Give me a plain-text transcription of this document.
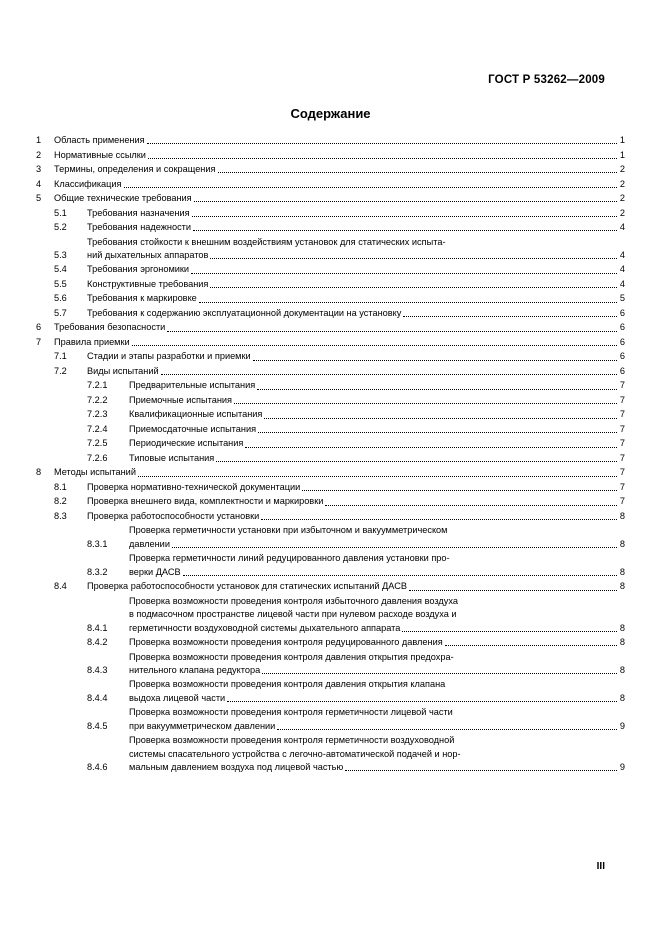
ГОСТ Р 53262—2009
Содержание
1	Область применения	1
2	Нормативные ссылки	1
3	Термины, определения и сокращения	2
4	Классификация	2
5	Общие технические требования	2
5.1	Требования назначения	2
5.2	Требования надежности	4
5.3
Требования стойкости к внешним воздействиям установок для статических испыта-
ний дыхательных аппаратов	4
5.4	Требования эргономики	4
5.5	Конструктивные требования	4
5.6	Требования к маркировке	5
5.7	Требования к содержанию эксплуатационной документации на установку	6
6	Требования безопасности	6
7	Правила приемки	6
7.1	Стадии и этапы разработки и приемки	6
7.2	Виды испытаний	6
7.2.1	Предварительные испытания	7
7.2.2	Приемочные испытания	7
7.2.3	Квалификационные испытания	7
7.2.4	Приемосдаточные испытания	7
7.2.5	Периодические испытания	7
7.2.6	Типовые испытания	7
8	Методы испытаний	7
8.1	Проверка нормативно-технической документации	7
8.2	Проверка внешнего вида, комплектности и маркировки	7
8.3	Проверка работоспособности установки	8
8.3.1
Проверка герметичности установки при избыточном и вакуумметрическом
давлении	8
8.3.2
Проверка герметичности линий редуцированного давления установки про-
верки ДАСВ	8
8.4	Проверка работоспособности установок для статических испытаний ДАСВ	8
8.4.1
Проверка возможности проведения контроля избыточного давления воздуха
в подмасочном пространстве лицевой части при нулевом расходе воздуха и
герметичности воздуховодной системы дыхательного аппарата	8
8.4.2	Проверка возможности проведения контроля редуцированного давления	8
8.4.3
Проверка возможности проведения контроля давления открытия предохра-
нительного клапана редуктора	8
8.4.4
Проверка возможности проведения контроля давления открытия клапана
выдоха лицевой части	8
8.4.5
Проверка возможности проведения контроля герметичности лицевой части
при вакуумметрическом давлении	9
8.4.6
Проверка возможности проведения контроля герметичности воздуховодной
системы спасательного устройства с легочно-автоматической подачей и нор-
мальным давлением воздуха под лицевой частью	9
III
